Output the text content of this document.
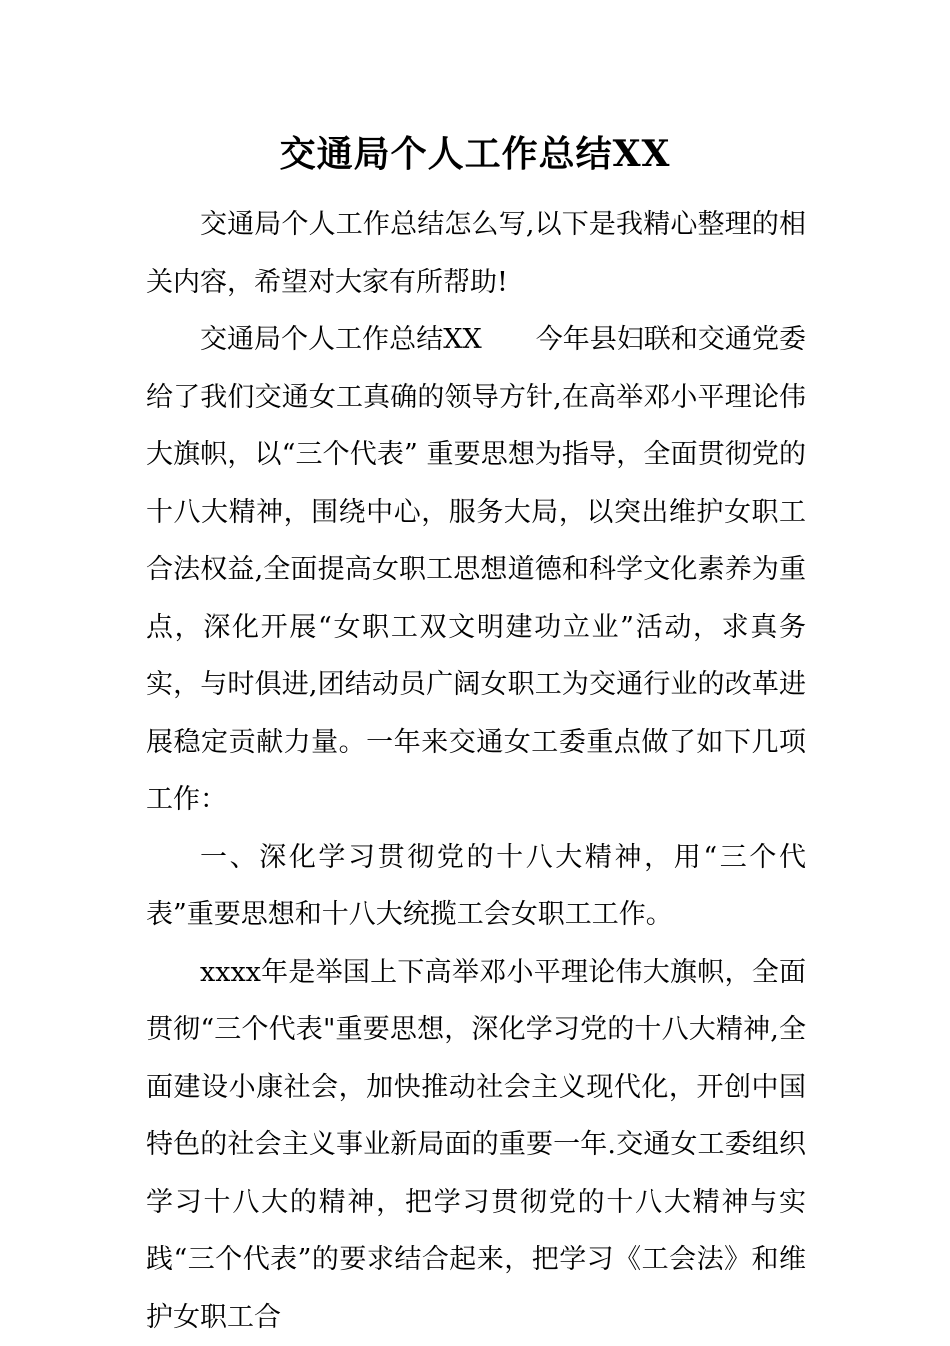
交通局个人工作总结XX

交通局个人工作总结怎么写,以下是我精心整理的相关内容，希望对大家有所帮助!

交通局个人工作总结XX　　今年县妇联和交通党委给了我们交通女工真确的领导方针,在高举邓小平理论伟大旗帜，以“三个代表” 重要思想为指导，全面贯彻党的十八大精神，围绕中心，服务大局，以突出维护女职工合法权益,全面提高女职工思想道德和科学文化素养为重点，深化开展“女职工双文明建功立业”活动，求真务实，与时俱进,团结动员广阔女职工为交通行业的改革进展稳定贡献力量。一年来交通女工委重点做了如下几项工作：

一、深化学习贯彻党的十八大精神，用“三个代表”重要思想和十八大统揽工会女职工工作。

xxxx年是举国上下高举邓小平理论伟大旗帜，全面贯彻“三个代表"重要思想，深化学习党的十八大精神,全面建设小康社会，加快推动社会主义现代化，开创中国特色的社会主义事业新局面的重要一年.交通女工委组织学习十八大的精神，把学习贯彻党的十八大精神与实践“三个代表”的要求结合起来，把学习《工会法》和维护女职工合
